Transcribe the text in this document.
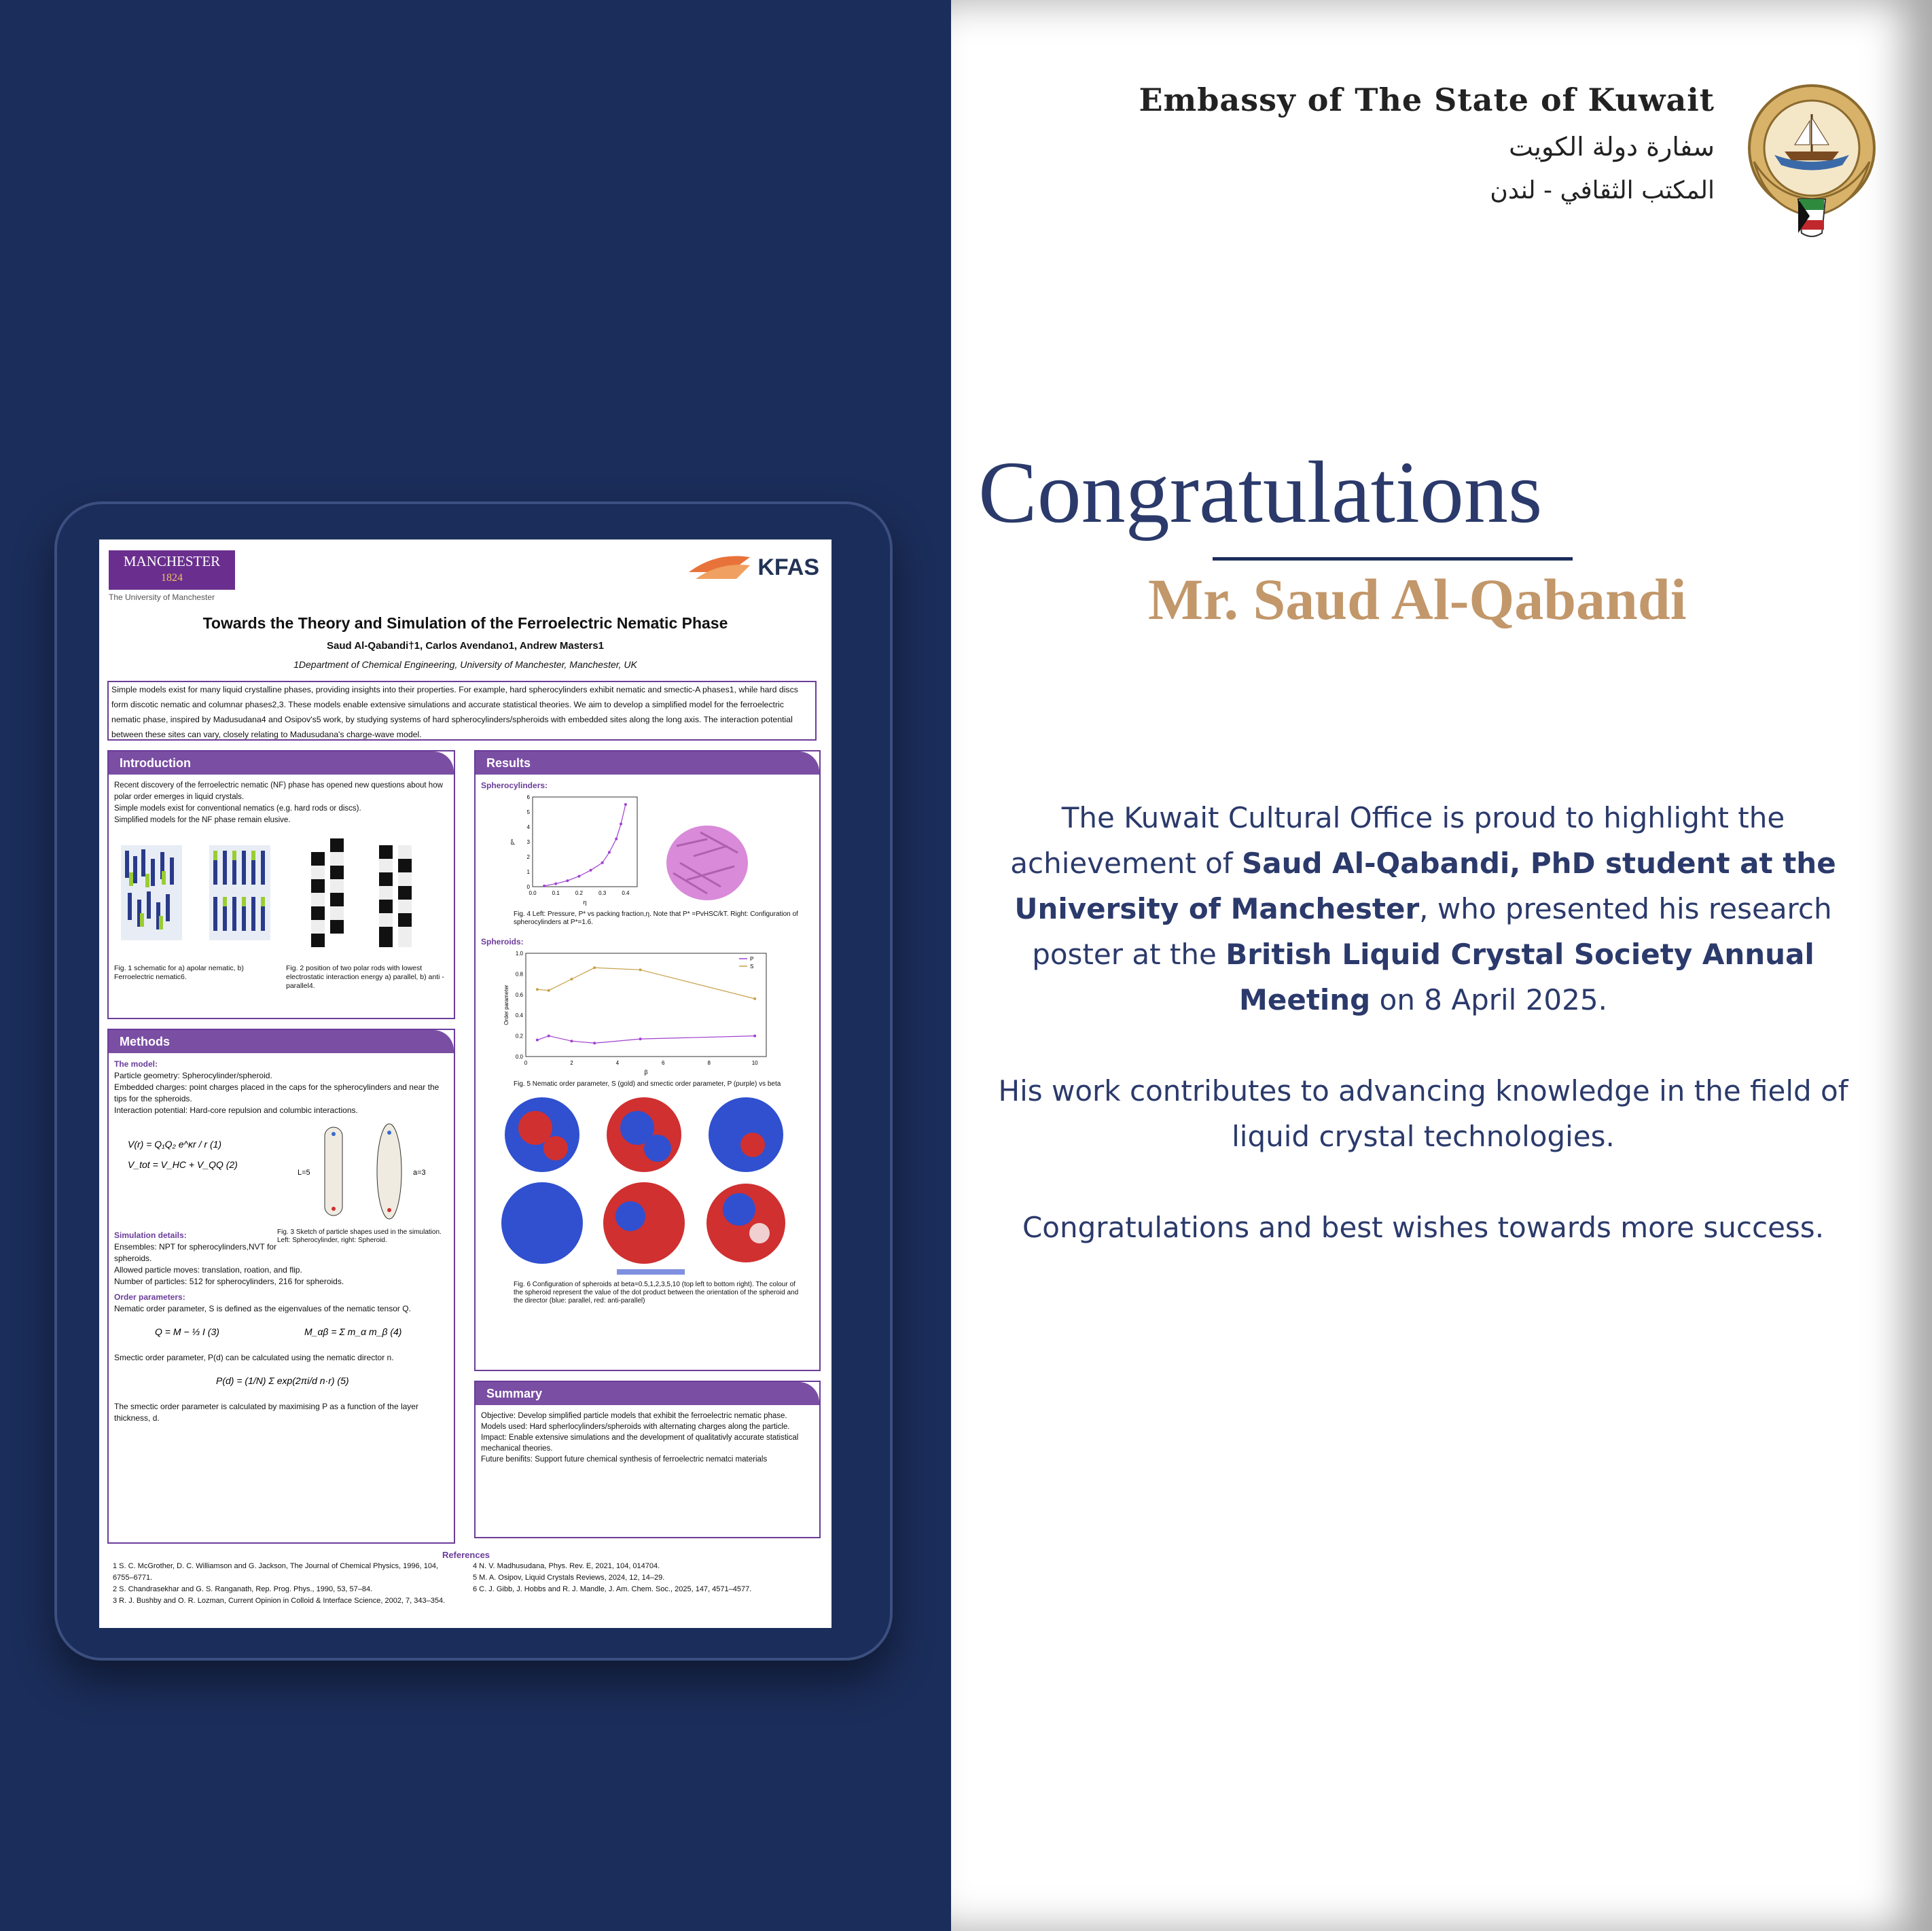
Embassy of The State of Kuwait
سفارة دولة الكويت
المكتب الثقافي - لندن
Congratulations
Mr. Saud Al-Qabandi

The Kuwait Cultural Office is proud to highlight the achievement of Saud Al-Qabandi, PhD student at the University of Manchester, who presented his research poster at the British Liquid Crystal Society Annual Meeting on 8 April 2025.

His work contributes to advancing knowledge in the field of liquid crystal technologies.

Congratulations and best wishes towards more success.

MANCHESTER
1824
The University of Manchester
KFAS
Towards the Theory and Simulation of the Ferroelectric Nematic Phase
Saud Al-Qabandi†1, Carlos Avendano1, Andrew Masters1
1Department of Chemical Engineering, University of Manchester, Manchester, UK
Simple models exist for many liquid crystalline phases, providing insights into their properties. For example, hard spherocylinders exhibit nematic and smectic-A phases1, while hard discs form discotic nematic and columnar phases2,3. These models enable extensive simulations and accurate statistical theories. We aim to develop a simplified model for the ferroelectric nematic phase, inspired by Madusudana4 and Osipov's5 work, by studying systems of hard spherocylinders/spheroids with embedded sites along the long axis. The interaction potential between these sites can vary, closely relating to Madusudana's charge-wave model.
Introduction
Recent discovery of the ferroelectric nematic (NF) phase has opened new questions about how polar order emerges in liquid crystals.
Simple models exist for conventional nematics (e.g. hard rods or discs).
Simplified models for the NF phase remain elusive.
Fig. 1 schematic for a) apolar nematic, b) Ferroelectric nematic6.
Fig. 2 position of two polar rods with lowest electrostatic interaction energy a) parallel, b) anti -parallel4.
Methods
The model:
Particle geometry: Spherocylinder/spheroid.
Embedded charges: point charges placed in the caps for the spherocylinders and near the tips for the spheroids.
Interaction potential: Hard-core repulsion and columbic interactions.
V(r) = Q₁Q₂ e^κr / r (1)
V_tot = V_HC + V_QQ (2)
L=5	a=3
Simulation details:
Ensembles: NPT for spherocylinders,NVT for spheroids.
Fig. 3 Sketch of particle shapes used in the simulation. Left: Spherocylinder, right: Spheroid.
Allowed particle moves: translation, roation, and flip.
Number of particles: 512 for spherocylinders, 216 for spheroids.
Order parameters:
Nematic order parameter, S is defined as the eigenvalues of the nematic tensor Q.
Q = M − ⅓ I (3)	M_αβ = Σ m_α m_β (4)
Smectic order parameter, P(d) can be calculated using the nematic director n.
P(d) = (1/N) Σ exp(2πi/d n·r) (5)
The smectic order parameter is calculated by maximising P as a function of the layer thickness, d.
Results
Spherocylinders:
0.0	0.1	0.2	0.3	0.4
0
1
2
3
4
5
6
η
P*

Fig. 4 Left: Pressure, P* vs packing fraction,η. Note that P* =PvHSC/kT. Right: Configuration of spherocylinders at P*=1.6.
Spheroids:
0	2	4	6	8	10
0.0
0.2
0.4
0.6
0.8
1.0
β
Order parameter
P
S
Fig. 5 Nematic order parameter, S (gold) and smectic order parameter, P (purple) vs beta
Fig. 6 Configuration of spheroids at beta=0.5,1,2,3,5,10 (top left to bottom right). The colour of the spheroid represent the value of the dot product between the orientation of the spheroid and the director (blue: parallel, red: anti-parallel)
Summary
Objective: Develop simplified particle models that exhibit the ferroelectric nematic phase.
Models used: Hard spherlocylinders/spheroids with alternating charges along the particle.
Impact: Enable extensive simulations and the development of qualitativly accurate statistical mechanical theories.
Future benifits: Support future chemical synthesis of ferroelectric nematci materials
References
1 S. C. McGrother, D. C. Williamson and G. Jackson, The Journal of Chemical Physics, 1996, 104, 6755–6771.
2 S. Chandrasekhar and G. S. Ranganath, Rep. Prog. Phys., 1990, 53, 57–84.
3 R. J. Bushby and O. R. Lozman, Current Opinion in Colloid & Interface Science, 2002, 7, 343–354.
4 N. V. Madhusudana, Phys. Rev. E, 2021, 104, 014704.
5 M. A. Osipov, Liquid Crystals Reviews, 2024, 12, 14–29.
6 C. J. Gibb, J. Hobbs and R. J. Mandle, J. Am. Chem. Soc., 2025, 147, 4571–4577.
